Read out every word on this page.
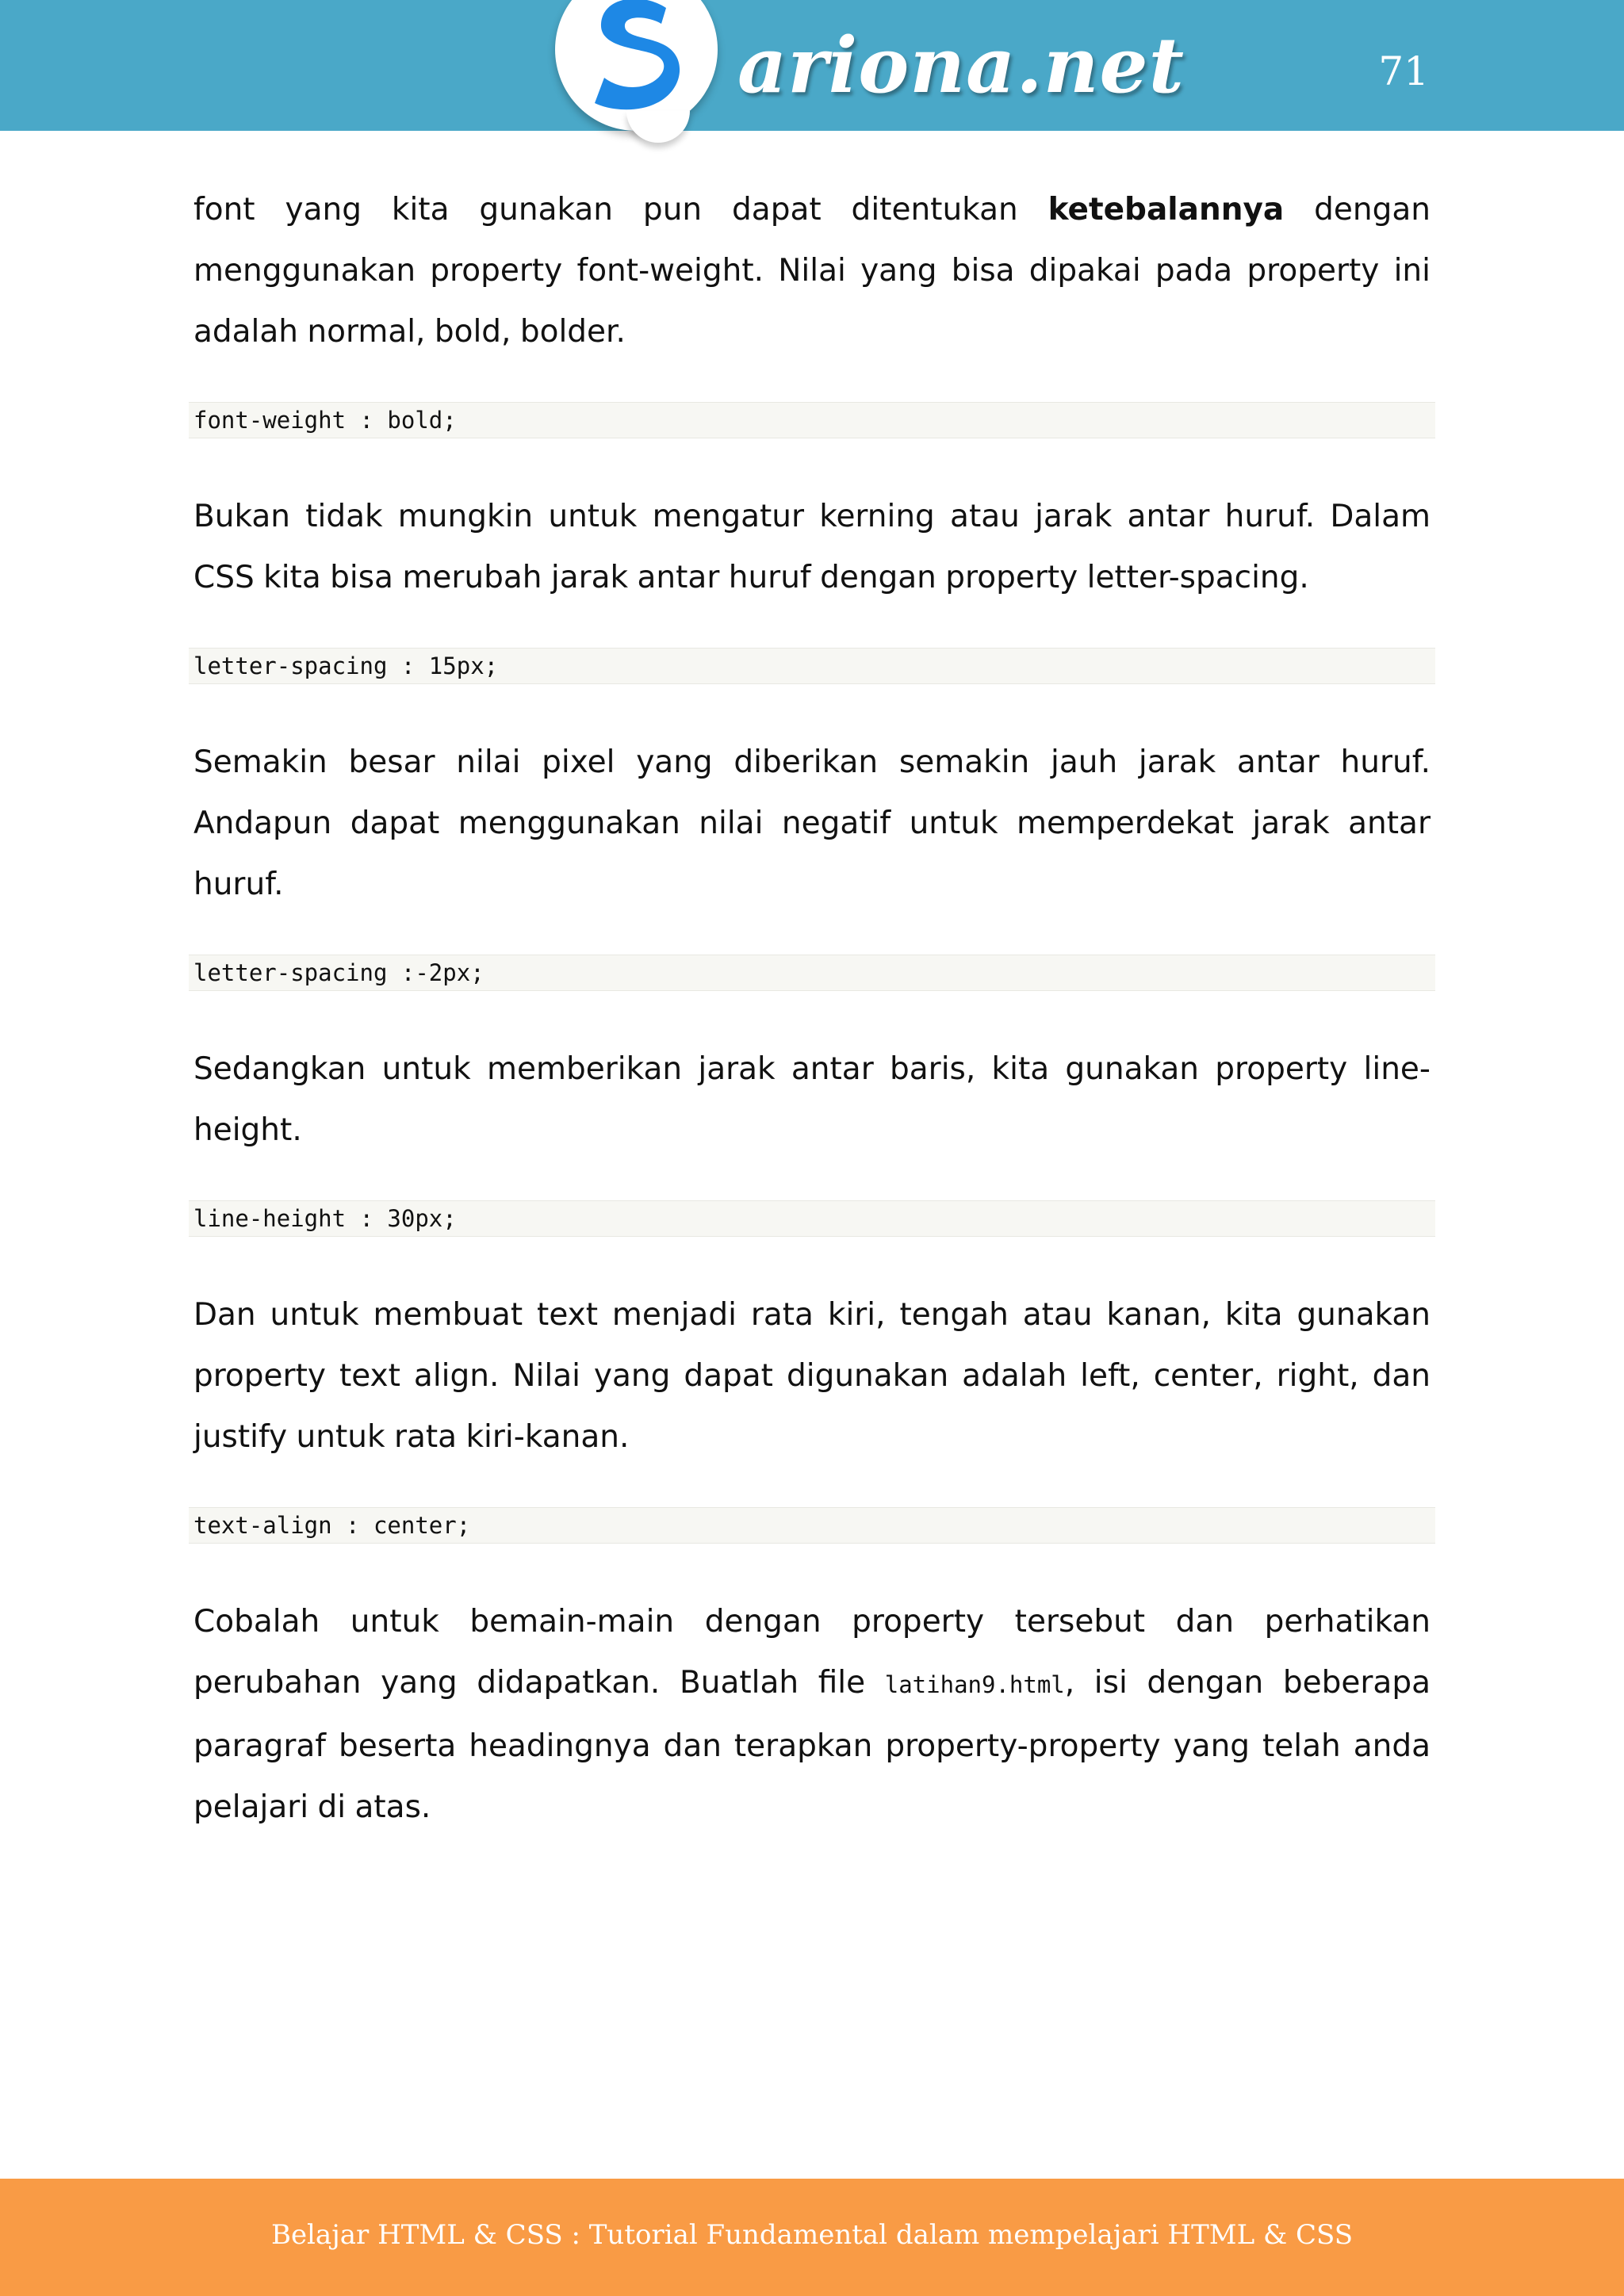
ariona.net	71

font yang kita gunakan pun dapat ditentukan ketebalannya dengan menggunakan property font-weight. Nilai yang bisa dipakai pada property ini adalah normal, bold, bolder.

font-weight : bold;

Bukan tidak mungkin untuk mengatur kerning atau jarak antar huruf. Dalam CSS kita bisa merubah jarak antar huruf dengan property letter-spacing.

letter-spacing : 15px;

Semakin besar nilai pixel yang diberikan semakin jauh jarak antar huruf. Andapun dapat menggunakan nilai negatif untuk memperdekat jarak antar huruf.

letter-spacing :-2px;

Sedangkan untuk memberikan jarak antar baris, kita gunakan property line-height.

line-height : 30px;

Dan untuk membuat text menjadi rata kiri, tengah atau kanan, kita gunakan property text align. Nilai yang dapat digunakan adalah left, center, right, dan justify untuk rata kiri-kanan.

text-align : center;

Cobalah untuk bemain-main dengan property tersebut dan perhatikan perubahan yang didapatkan. Buatlah file latihan9.html, isi dengan beberapa paragraf beserta headingnya dan terapkan property-property yang telah anda pelajari di atas.

Belajar HTML & CSS : Tutorial Fundamental dalam mempelajari HTML & CSS
